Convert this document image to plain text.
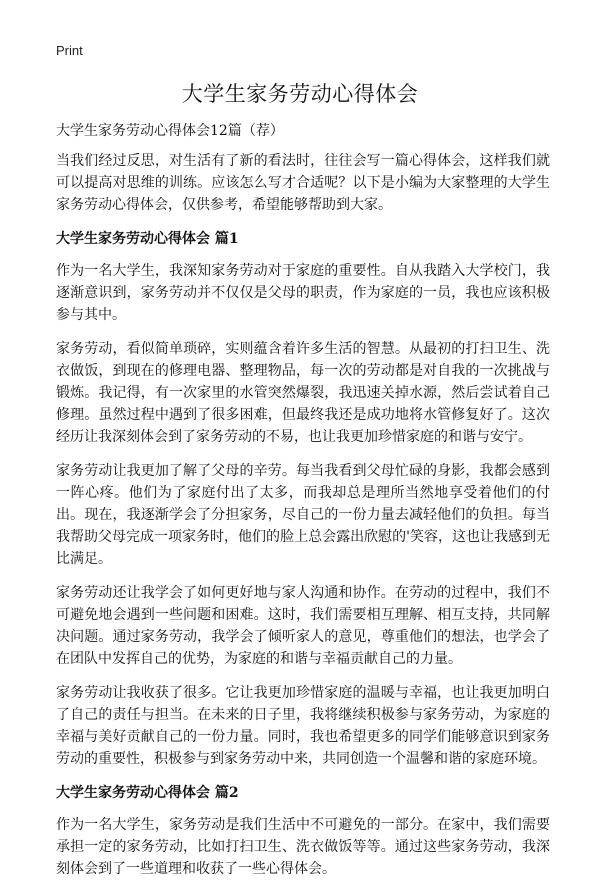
Print
大学生家务劳动心得体会

大学生家务劳动心得体会12篇（荐）

当我们经过反思，对生活有了新的看法时，往往会写一篇心得体会，这样我们就可以提高对思维的训练。应该怎么写才合适呢？以下是小编为大家整理的大学生家务劳动心得体会，仅供参考，希望能够帮助到大家。

大学生家务劳动心得体会 篇1

作为一名大学生，我深知家务劳动对于家庭的重要性。自从我踏入大学校门，我逐渐意识到，家务劳动并不仅仅是父母的职责，作为家庭的一员，我也应该积极参与其中。

家务劳动，看似简单琐碎，实则蕴含着许多生活的智慧。从最初的打扫卫生、洗衣做饭，到现在的修理电器、整理物品，每一次的劳动都是对自我的一次挑战与锻炼。我记得，有一次家里的水管突然爆裂，我迅速关掉水源，然后尝试着自己修理。虽然过程中遇到了很多困难，但最终我还是成功地将水管修复好了。这次经历让我深刻体会到了家务劳动的不易，也让我更加珍惜家庭的和谐与安宁。

家务劳动让我更加了解了父母的辛劳。每当我看到父母忙碌的身影，我都会感到一阵心疼。他们为了家庭付出了太多，而我却总是理所当然地享受着他们的付出。现在，我逐渐学会了分担家务，尽自己的一份力量去减轻他们的负担。每当我帮助父母完成一项家务时，他们的脸上总会露出欣慰的'笑容，这也让我感到无比满足。

家务劳动还让我学会了如何更好地与家人沟通和协作。在劳动的过程中，我们不可避免地会遇到一些问题和困难。这时，我们需要相互理解、相互支持，共同解决问题。通过家务劳动，我学会了倾听家人的意见，尊重他们的想法，也学会了在团队中发挥自己的优势，为家庭的和谐与幸福贡献自己的力量。

家务劳动让我收获了很多。它让我更加珍惜家庭的温暖与幸福，也让我更加明白了自己的责任与担当。在未来的日子里，我将继续积极参与家务劳动，为家庭的幸福与美好贡献自己的一份力量。同时，我也希望更多的同学们能够意识到家务劳动的重要性，积极参与到家务劳动中来，共同创造一个温馨和谐的家庭环境。

大学生家务劳动心得体会 篇2

作为一名大学生，家务劳动是我们生活中不可避免的一部分。在家中，我们需要承担一定的家务劳动，比如打扫卫生、洗衣做饭等等。通过这些家务劳动，我深刻体会到了一些道理和收获了一些心得体会。
